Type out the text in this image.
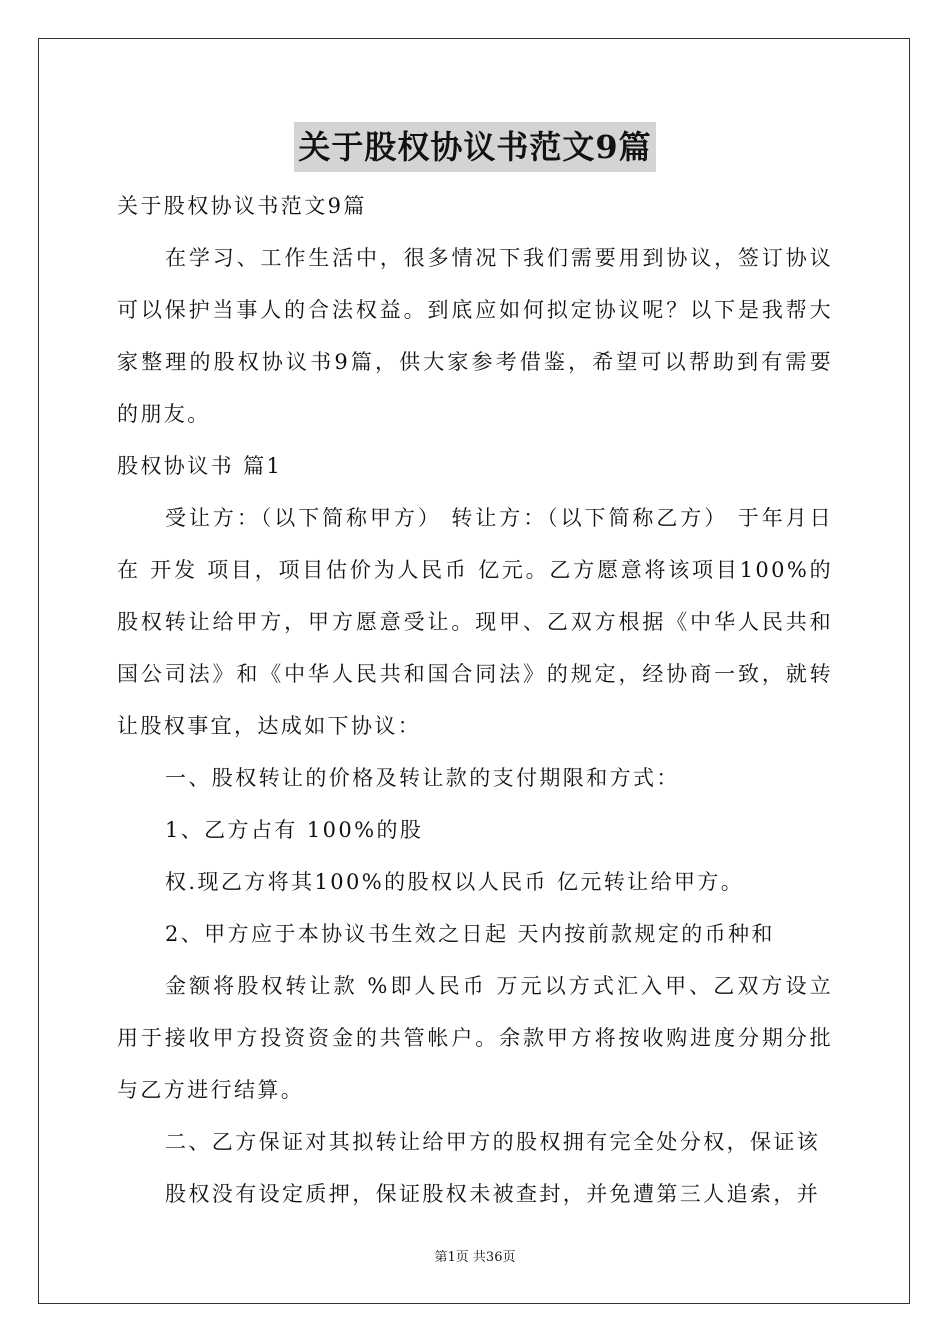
关于股权协议书范文9篇

关于股权协议书范文9篇

在学习、工作生活中，很多情况下我们需要用到协议，签订协议可以保护当事人的合法权益。到底应如何拟定协议呢？以下是我帮大家整理的股权协议书9篇，供大家参考借鉴，希望可以帮助到有需要的朋友。

股权协议书 篇1

受让方：（以下简称甲方） 转让方：（以下简称乙方） 于年月日在 开发 项目，项目估价为人民币 亿元。乙方愿意将该项目100%的股权转让给甲方，甲方愿意受让。现甲、乙双方根据《中华人民共和国公司法》和《中华人民共和国合同法》的规定，经协商一致，就转让股权事宜，达成如下协议：

一、股权转让的价格及转让款的支付期限和方式：

1、乙方占有 100%的股

权.现乙方将其100%的股权以人民币 亿元转让给甲方。

2、甲方应于本协议书生效之日起 天内按前款规定的币种和

金额将股权转让款 %即人民币 万元以方式汇入甲、乙双方设立用于接收甲方投资资金的共管帐户。余款甲方将按收购进度分期分批与乙方进行结算。

二、乙方保证对其拟转让给甲方的股权拥有完全处分权，保证该

股权没有设定质押，保证股权未被查封，并免遭第三人追索，并

第1页 共36页
